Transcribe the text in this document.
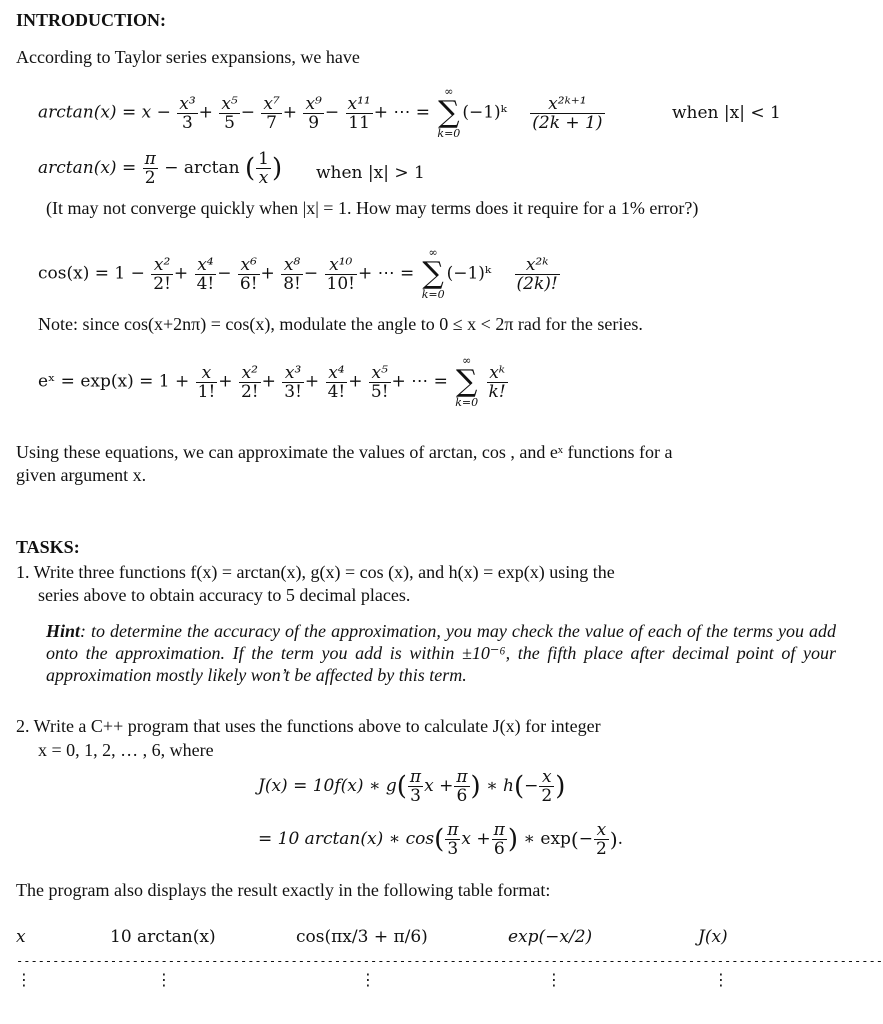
INTRODUCTION:
According to Taylor series expansions, we have
$\arctan(x) = x - \frac{\text{x³}}{3} + \frac{\text{x⁵}}{5} - \frac{\text{x⁷}}{7} + \frac{\text{x⁹}}{9} - \frac{\text{x¹¹}}{11}$ + ⋯ =
∞
∑
k=0
(−1)ᵏ $\frac{\text{x²ᵏ⁺¹}}{(2k + 1)}$	when |x| < 1
$\arctan(x) = \frac{\pi}{2} - \arctan$ ( $\frac{1}{x}$ ) when |x| > 1
(It may not converge quickly when |x| = 1. How may terms does it require for a 1% error?)
$\cos(x) = 1 - \frac{\text{x²}}{2!} + \frac{\text{x⁴}}{4!} - \frac{\text{x⁶}}{6!} + \frac{\text{x⁸}}{8!} - \frac{\text{x¹⁰}}{10!}$ + ⋯ =
∞
∑
k=0
(−1)ᵏ $\frac{\text{x²ᵏ}}{(2k)!}$
Note: since cos(x+2nπ) = cos(x), modulate the angle to 0 ≤ x < 2π rad for the series.
eˣ = $\exp(x) = 1 + \frac{x}{1!} + \frac{\text{x²}}{2!} + \frac{\text{x³}}{3!} + \frac{\text{x⁴}}{4!} + \frac{\text{x⁵}}{5!}$ + ⋯ =
∞
∑
k=0

$\frac{\text{xᵏ}}{k!}$
Using these equations, we can approximate the values of arctan, cos , and eˣ functions for a
given argument x.
TASKS:
1. Write three functions f(x) = arctan(x), g(x) = cos (x), and h(x) = exp(x) using the
series above to obtain accuracy to 5 decimal places.
Hint: to determine the accuracy of the approximation, you may check the value of each of the terms you add onto the approximation. If the term you add is within ±10⁻⁶, the fifth place after decimal point of your approximation mostly likely won’t be affected by this term.
2. Write a C++ program that uses the functions above to calculate J(x) for integer
x = 0, 1, 2, … , 6, where
J(x) = 10f(x) ∗ $g( \frac{\pi}{3}$ $x + \frac{\pi}{6}$ ) ∗ $h(- \frac{x}{2}$ )
= 10 arctan(x) ∗ $\cos( \frac{\pi}{3}$ $x + \frac{\pi}{6}$ ) ∗ $\exp(- \frac{x}{2}$ ).
The program also displays the result exactly in the following table format:
x	10 arctan(x)	cos(πx/3 + π/6)	exp(−x/2)	J(x)
------------------------------------------------------------------------------------------------------------------------
⋮	⋮	⋮	⋮	⋮
